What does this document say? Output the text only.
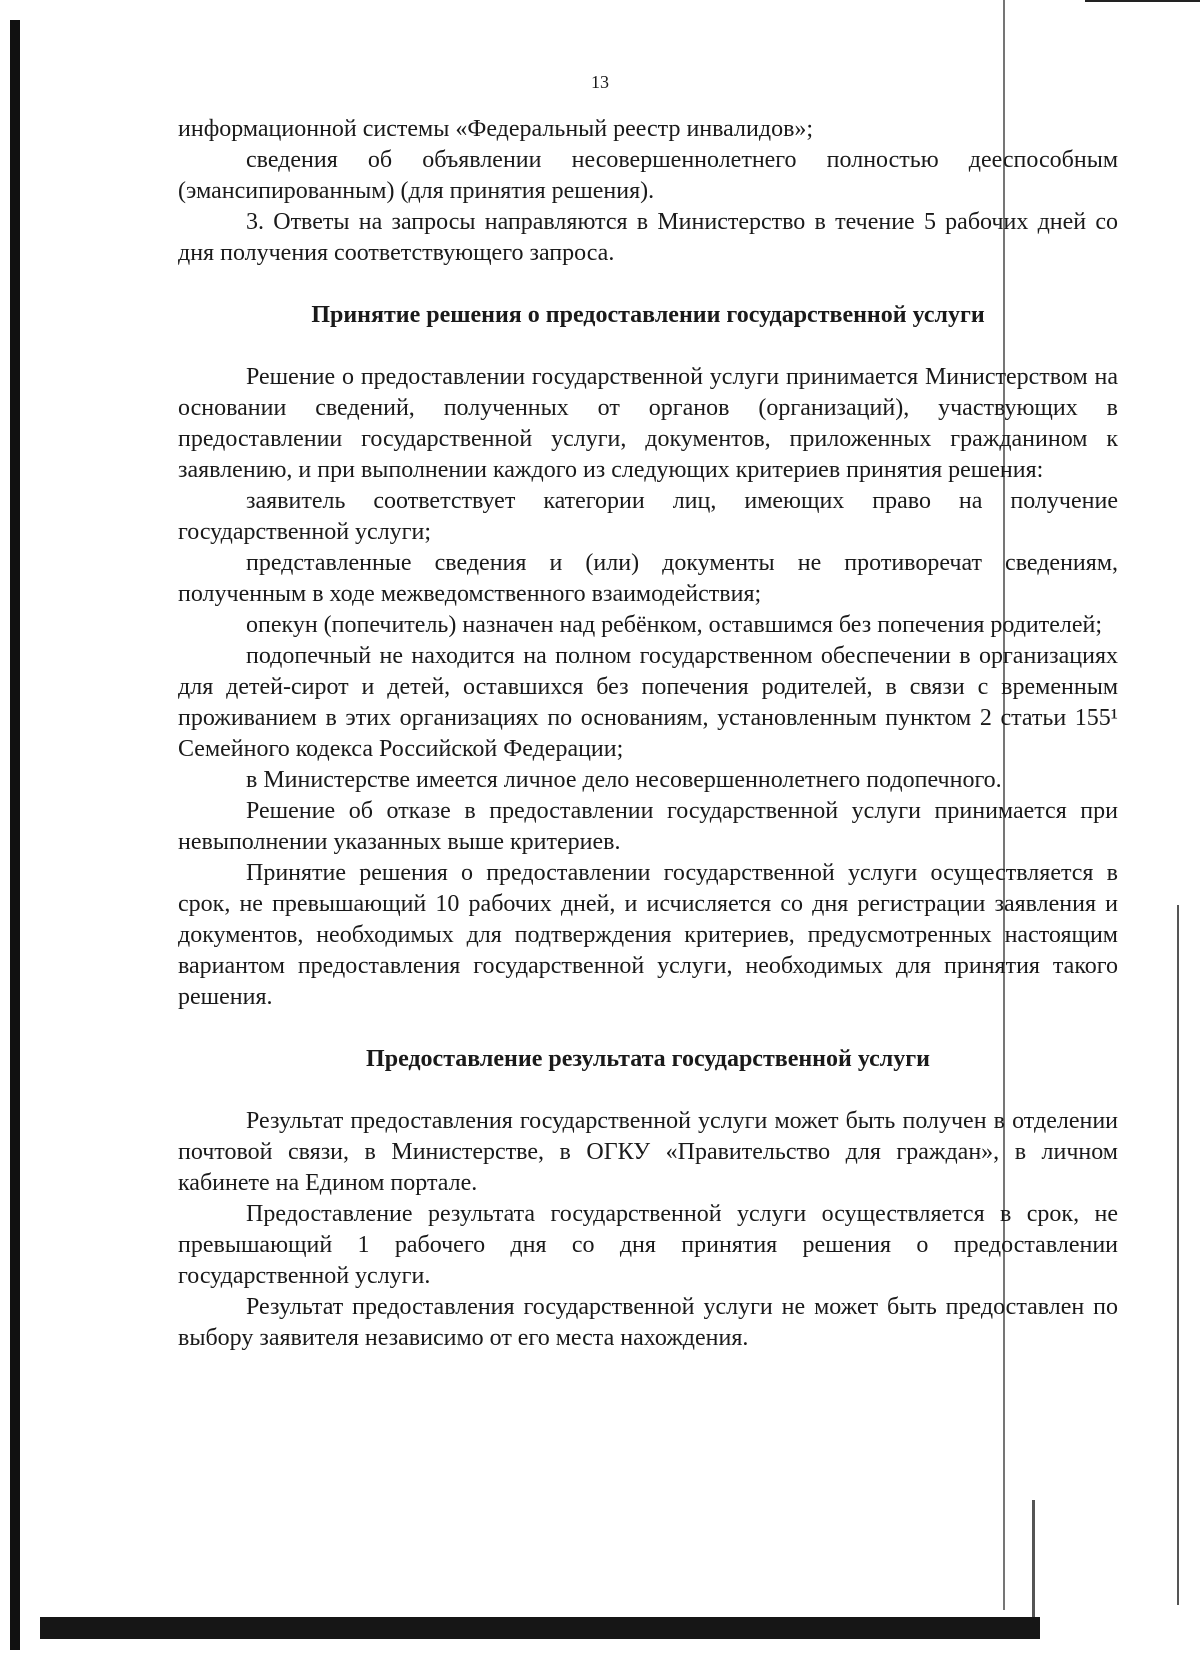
13

информационной системы «Федеральный реестр инвалидов»;

сведения об объявлении несовершеннолетнего полностью дееспособным (эмансипированным) (для принятия решения).

3. Ответы на запросы направляются в Министерство в течение 5 рабочих дней со дня получения соответствующего запроса.

Принятие решения о предоставлении государственной услуги

Решение о предоставлении государственной услуги принимается Министерством на основании сведений, полученных от органов (организаций), участвующих в предоставлении государственной услуги, документов, приложенных гражданином к заявлению, и при выполнении каждого из следующих критериев принятия решения:

заявитель соответствует категории лиц, имеющих право на получение государственной услуги;

представленные сведения и (или) документы не противоречат сведениям, полученным в ходе межведомственного взаимодействия;

опекун (попечитель) назначен над ребёнком, оставшимся без попечения родителей;

подопечный не находится на полном государственном обеспечении в организациях для детей-сирот и детей, оставшихся без попечения родителей, в связи с временным проживанием в этих организациях по основаниям, установленным пунктом 2 статьи 155¹ Семейного кодекса Российской Федерации;

в Министерстве имеется личное дело несовершеннолетнего подопечного.

Решение об отказе в предоставлении государственной услуги принимается при невыполнении указанных выше критериев.

Принятие решения о предоставлении государственной услуги осуществляется в срок, не превышающий 10 рабочих дней, и исчисляется со дня регистрации заявления и документов, необходимых для подтверждения критериев, предусмотренных настоящим вариантом предоставления государственной услуги, необходимых для принятия такого решения.

Предоставление результата государственной услуги

Результат предоставления государственной услуги может быть получен в отделении почтовой связи, в Министерстве, в ОГКУ «Правительство для граждан», в личном кабинете на Едином портале.

Предоставление результата государственной услуги осуществляется в срок, не превышающий 1 рабочего дня со дня принятия решения о предоставлении государственной услуги.

Результат предоставления государственной услуги не может быть предоставлен по выбору заявителя независимо от его места нахождения.
